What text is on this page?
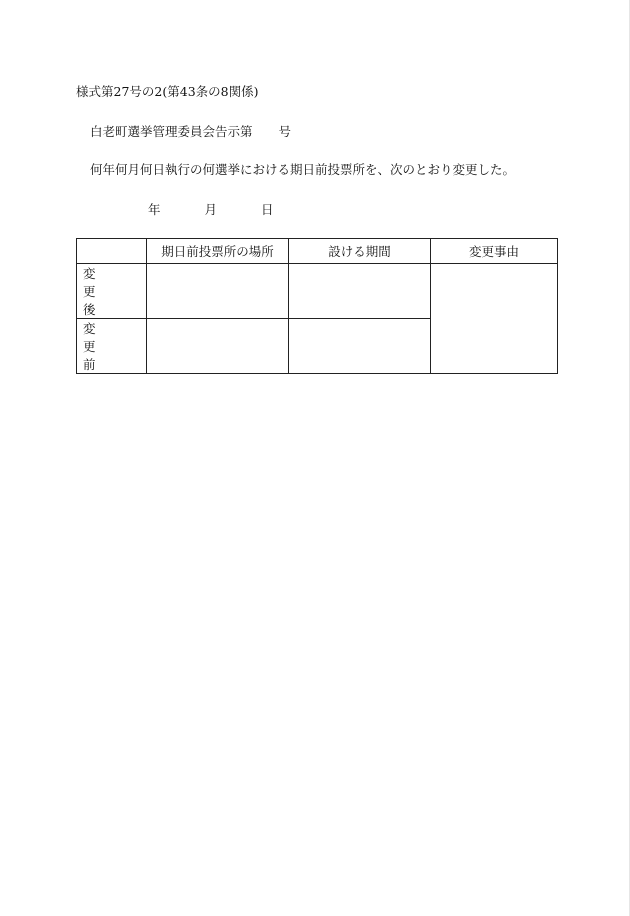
様式第27号の2(第43条の8関係)
白老町選挙管理委員会告示第 号
何年何月何日執行の何選挙における期日前投票所を、次のとおり変更した。
年	月	日
	期日前投票所の場所	設ける期間	変更事由
変 更 後			
変 更 前			
